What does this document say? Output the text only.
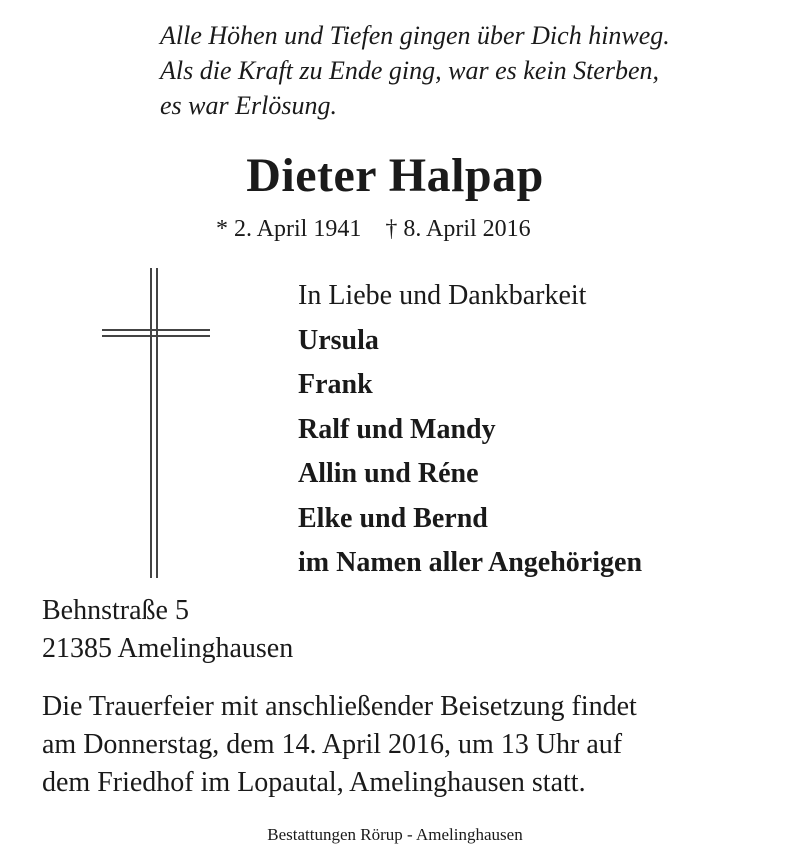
Alle Höhen und Tiefen gingen über Dich hinweg.
Als die Kraft zu Ende ging, war es kein Sterben,
es war Erlösung.
Dieter Halpap
* 2. April 1941 † 8. April 2016
In Liebe und Dankbarkeit
Ursula
Frank
Ralf und Mandy
Allin und Réne
Elke und Bernd
im Namen aller Angehörigen
Behnstraße 5
21385 Amelinghausen
Die Trauerfeier mit anschließender Beisetzung findet
am Donnerstag, dem 14. April 2016, um 13 Uhr auf
dem Friedhof im Lopautal, Amelinghausen statt.
Bestattungen Rörup - Amelinghausen
